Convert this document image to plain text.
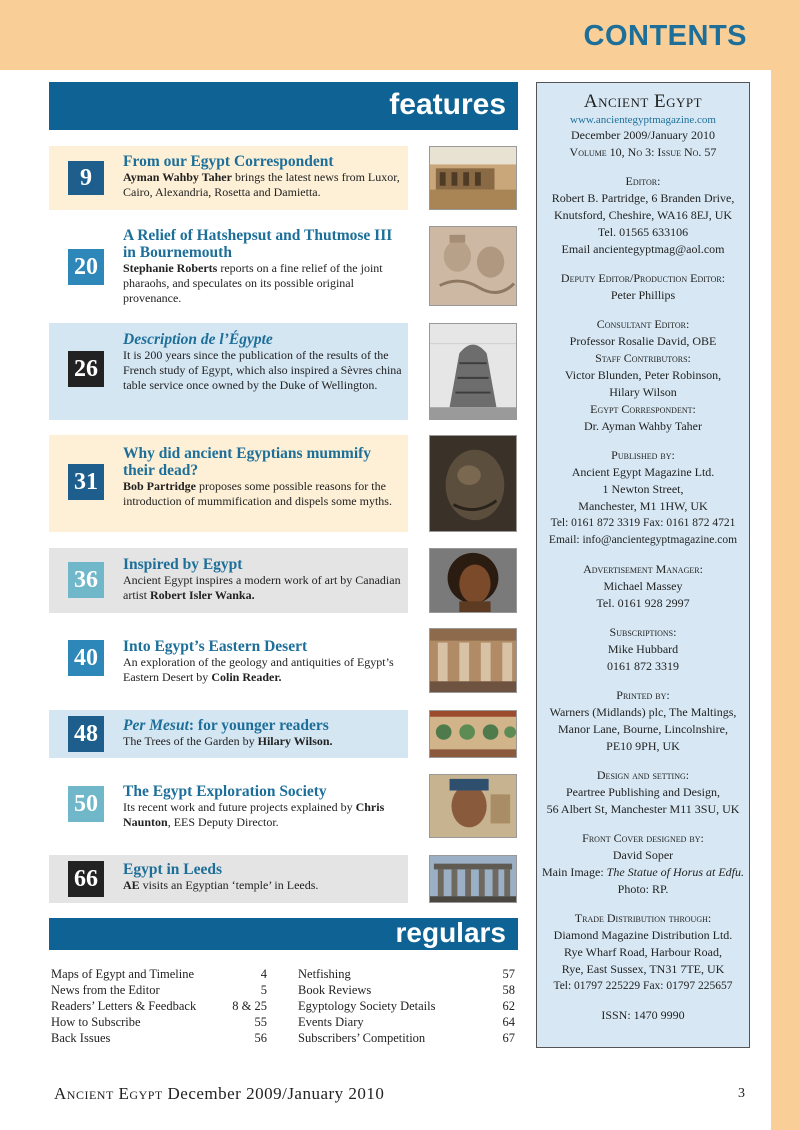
CONTENTS
features
9
From our Egypt Correspondent
Ayman Wahby Taher brings the latest news from Luxor, Cairo, Alexandria, Rosetta and Damietta.
20
A Relief of Hatshepsut and Thutmose III in Bournemouth
Stephanie Roberts reports on a fine relief of the joint pharaohs, and speculates on its possible original provenance.
26
Description de l’Égypte
It is 200 years since the publication of the results of the French study of Egypt, which also inspired a Sèvres china table service once owned by the Duke of Wellington.
31
Why did ancient Egyptians mummify their dead?
Bob Partridge proposes some possible reasons for the introduction of mummification and dispels some myths.
36
Inspired by Egypt
Ancient Egypt inspires a modern work of art by Canadian artist Robert Isler Wanka.
40	Into Egypt’s Eastern Desert
An exploration of the geology and antiquities of Egypt’s Eastern Desert by Colin Reader.
48	Per Mesut: for younger readers
The Trees of the Garden by Hilary Wilson.
50	The Egypt Exploration Society
Its recent work and future projects explained by Chris Naunton, EES Deputy Director.
66	Egypt in Leeds
AE visits an Egyptian ‘temple’ in Leeds.
regulars
Maps of Egypt and Timeline	4
News from the Editor	5
Readers’ Letters & Feedback	8 & 25
How to Subscribe	55
Back Issues	56
Netfishing	57
Book Reviews	58
Egyptology Society Details	62
Events Diary	64
Subscribers’ Competition	67
Ancient Egypt
www.ancientegyptmagazine.com
December 2009/January 2010
Volume 10, No 3: Issue No. 57
Editor:
Robert B. Partridge, 6 Branden Drive,
Knutsford, Cheshire, WA16 8EJ, UK
Tel. 01565 633106
Email ancientegyptmag@aol.com
Deputy Editor/Production Editor:
Peter Phillips
Consultant Editor:
Professor Rosalie David, OBE
Staff Contributors:
Victor Blunden, Peter Robinson,
Hilary Wilson
Egypt Correspondent:
Dr. Ayman Wahby Taher
Published by:
Ancient Egypt Magazine Ltd.
1 Newton Street,
Manchester, M1 1HW, UK
Tel: 0161 872 3319 Fax: 0161 872 4721
Email: info@ancientegyptmagazine.com
Advertisement Manager:
Michael Massey
Tel. 0161 928 2997
Subscriptions:
Mike Hubbard
0161 872 3319
Printed by:
Warners (Midlands) plc, The Maltings,
Manor Lane, Bourne, Lincolnshire,
PE10 9PH, UK
Design and setting:
Peartree Publishing and Design,
56 Albert St, Manchester M11 3SU, UK
Front Cover designed by:
David Soper
Main Image: The Statue of Horus at Edfu.
Photo: RP.
Trade Distribution through:
Diamond Magazine Distribution Ltd.
Rye Wharf Road, Harbour Road,
Rye, East Sussex, TN31 7TE, UK
Tel: 01797 225229 Fax: 01797 225657
ISSN: 1470 9990
Ancient Egypt December 2009/January 2010	3
